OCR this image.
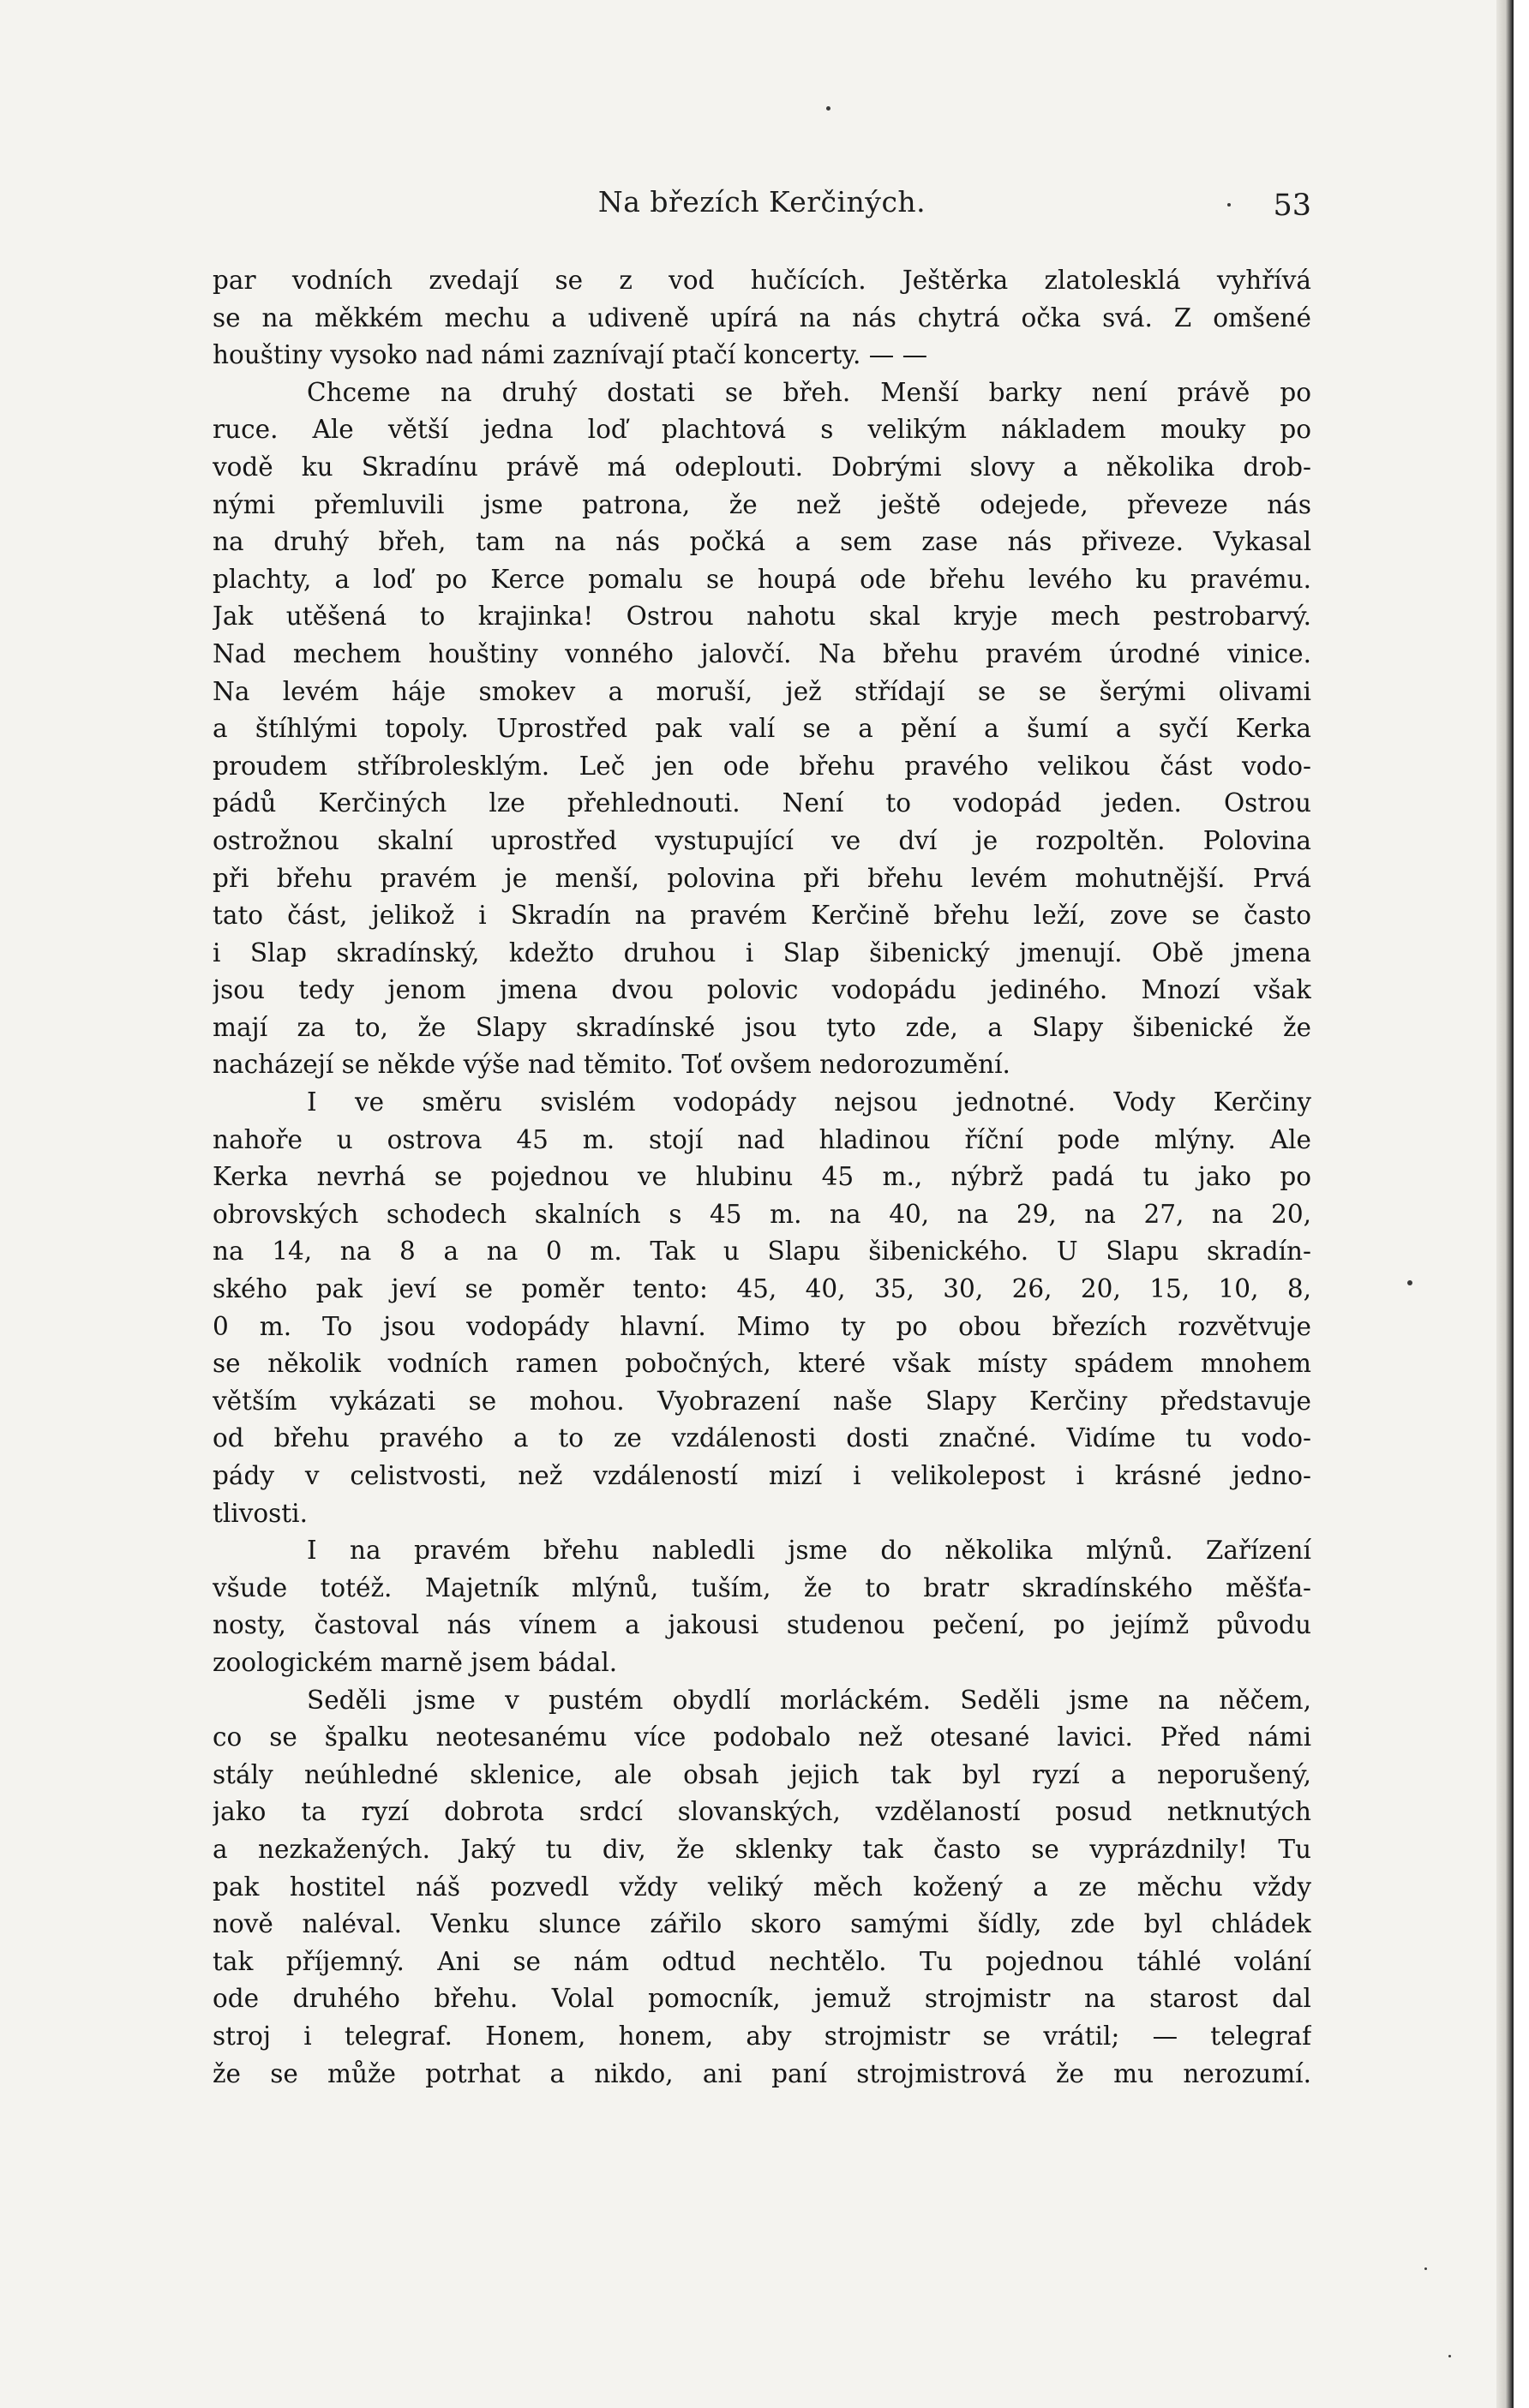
Na březích Kerčiných.	53
par vodních zvedají se z vod hučících. Ještěrka zlatolesklá vyhřívá
se na měkkém mechu a udiveně upírá na nás chytrá očka svá. Z omšené
houštiny vysoko nad námi zaznívají ptačí koncerty. — —
Chceme na druhý dostati se břeh. Menší barky není právě po
ruce. Ale větší jedna loď plachtová s velikým nákladem mouky po
vodě ku Skradínu právě má odeplouti. Dobrými slovy a několika drob-
nými přemluvili jsme patrona, že než ještě odejede, převeze nás
na druhý břeh, tam na nás počká a sem zase nás přiveze. Vykasal
plachty, a loď po Kerce pomalu se houpá ode břehu levého ku pravému.
Jak utěšená to krajinka! Ostrou nahotu skal kryje mech pestrobarvý.
Nad mechem houštiny vonného jalovčí. Na břehu pravém úrodné vinice.
Na levém háje smokev a moruší, jež střídají se se šerými olivami
a štíhlými topoly. Uprostřed pak valí se a pění a šumí a syčí Kerka
proudem stříbrolesklým. Leč jen ode břehu pravého velikou část vodo-
pádů Kerčiných lze přehlednouti. Není to vodopád jeden. Ostrou
ostrožnou skalní uprostřed vystupující ve dví je rozpoltěn. Polovina
při břehu pravém je menší, polovina při břehu levém mohutnější. Prvá
tato část, jelikož i Skradín na pravém Kerčině břehu leží, zove se často
i Slap skradínský, kdežto druhou i Slap šibenický jmenují. Obě jmena
jsou tedy jenom jmena dvou polovic vodopádu jediného. Mnozí však
mají za to, že Slapy skradínské jsou tyto zde, a Slapy šibenické že
nacházejí se někde výše nad těmito. Toť ovšem nedorozumění.
I ve směru svislém vodopády nejsou jednotné. Vody Kerčiny
nahoře u ostrova 45 m. stojí nad hladinou říční pode mlýny. Ale
Kerka nevrhá se pojednou ve hlubinu 45 m., nýbrž padá tu jako po
obrovských schodech skalních s 45 m. na 40, na 29, na 27, na 20,
na 14, na 8 a na 0 m. Tak u Slapu šibenického. U Slapu skradín-
ského pak jeví se poměr tento: 45, 40, 35, 30, 26, 20, 15, 10, 8,
0 m. To jsou vodopády hlavní. Mimo ty po obou březích rozvětvuje
se několik vodních ramen pobočných, které však místy spádem mnohem
větším vykázati se mohou. Vyobrazení naše Slapy Kerčiny představuje
od břehu pravého a to ze vzdálenosti dosti značné. Vidíme tu vodo-
pády v celistvosti, než vzdáleností mizí i velikolepost i krásné jedno-
tlivosti.
I na pravém břehu nabledli jsme do několika mlýnů. Zařízení
všude totéž. Majetník mlýnů, tuším, že to bratr skradínského měšťa-
nosty, častoval nás vínem a jakousi studenou pečení, po jejímž původu
zoologickém marně jsem bádal.
Seděli jsme v pustém obydlí morláckém. Seděli jsme na něčem,
co se špalku neotesanému více podobalo než otesané lavici. Před námi
stály neúhledné sklenice, ale obsah jejich tak byl ryzí a neporušený,
jako ta ryzí dobrota srdcí slovanských, vzdělaností posud netknutých
a nezkažených. Jaký tu div, že sklenky tak často se vyprázdnily! Tu
pak hostitel náš pozvedl vždy veliký měch kožený a ze měchu vždy
nově naléval. Venku slunce zářilo skoro samými šídly, zde byl chládek
tak příjemný. Ani se nám odtud nechtělo. Tu pojednou táhlé volání
ode druhého břehu. Volal pomocník, jemuž strojmistr na starost dal
stroj i telegraf. Honem, honem, aby strojmistr se vrátil; — telegraf
že se může potrhat a nikdo, ani paní strojmistrová že mu nerozumí.
